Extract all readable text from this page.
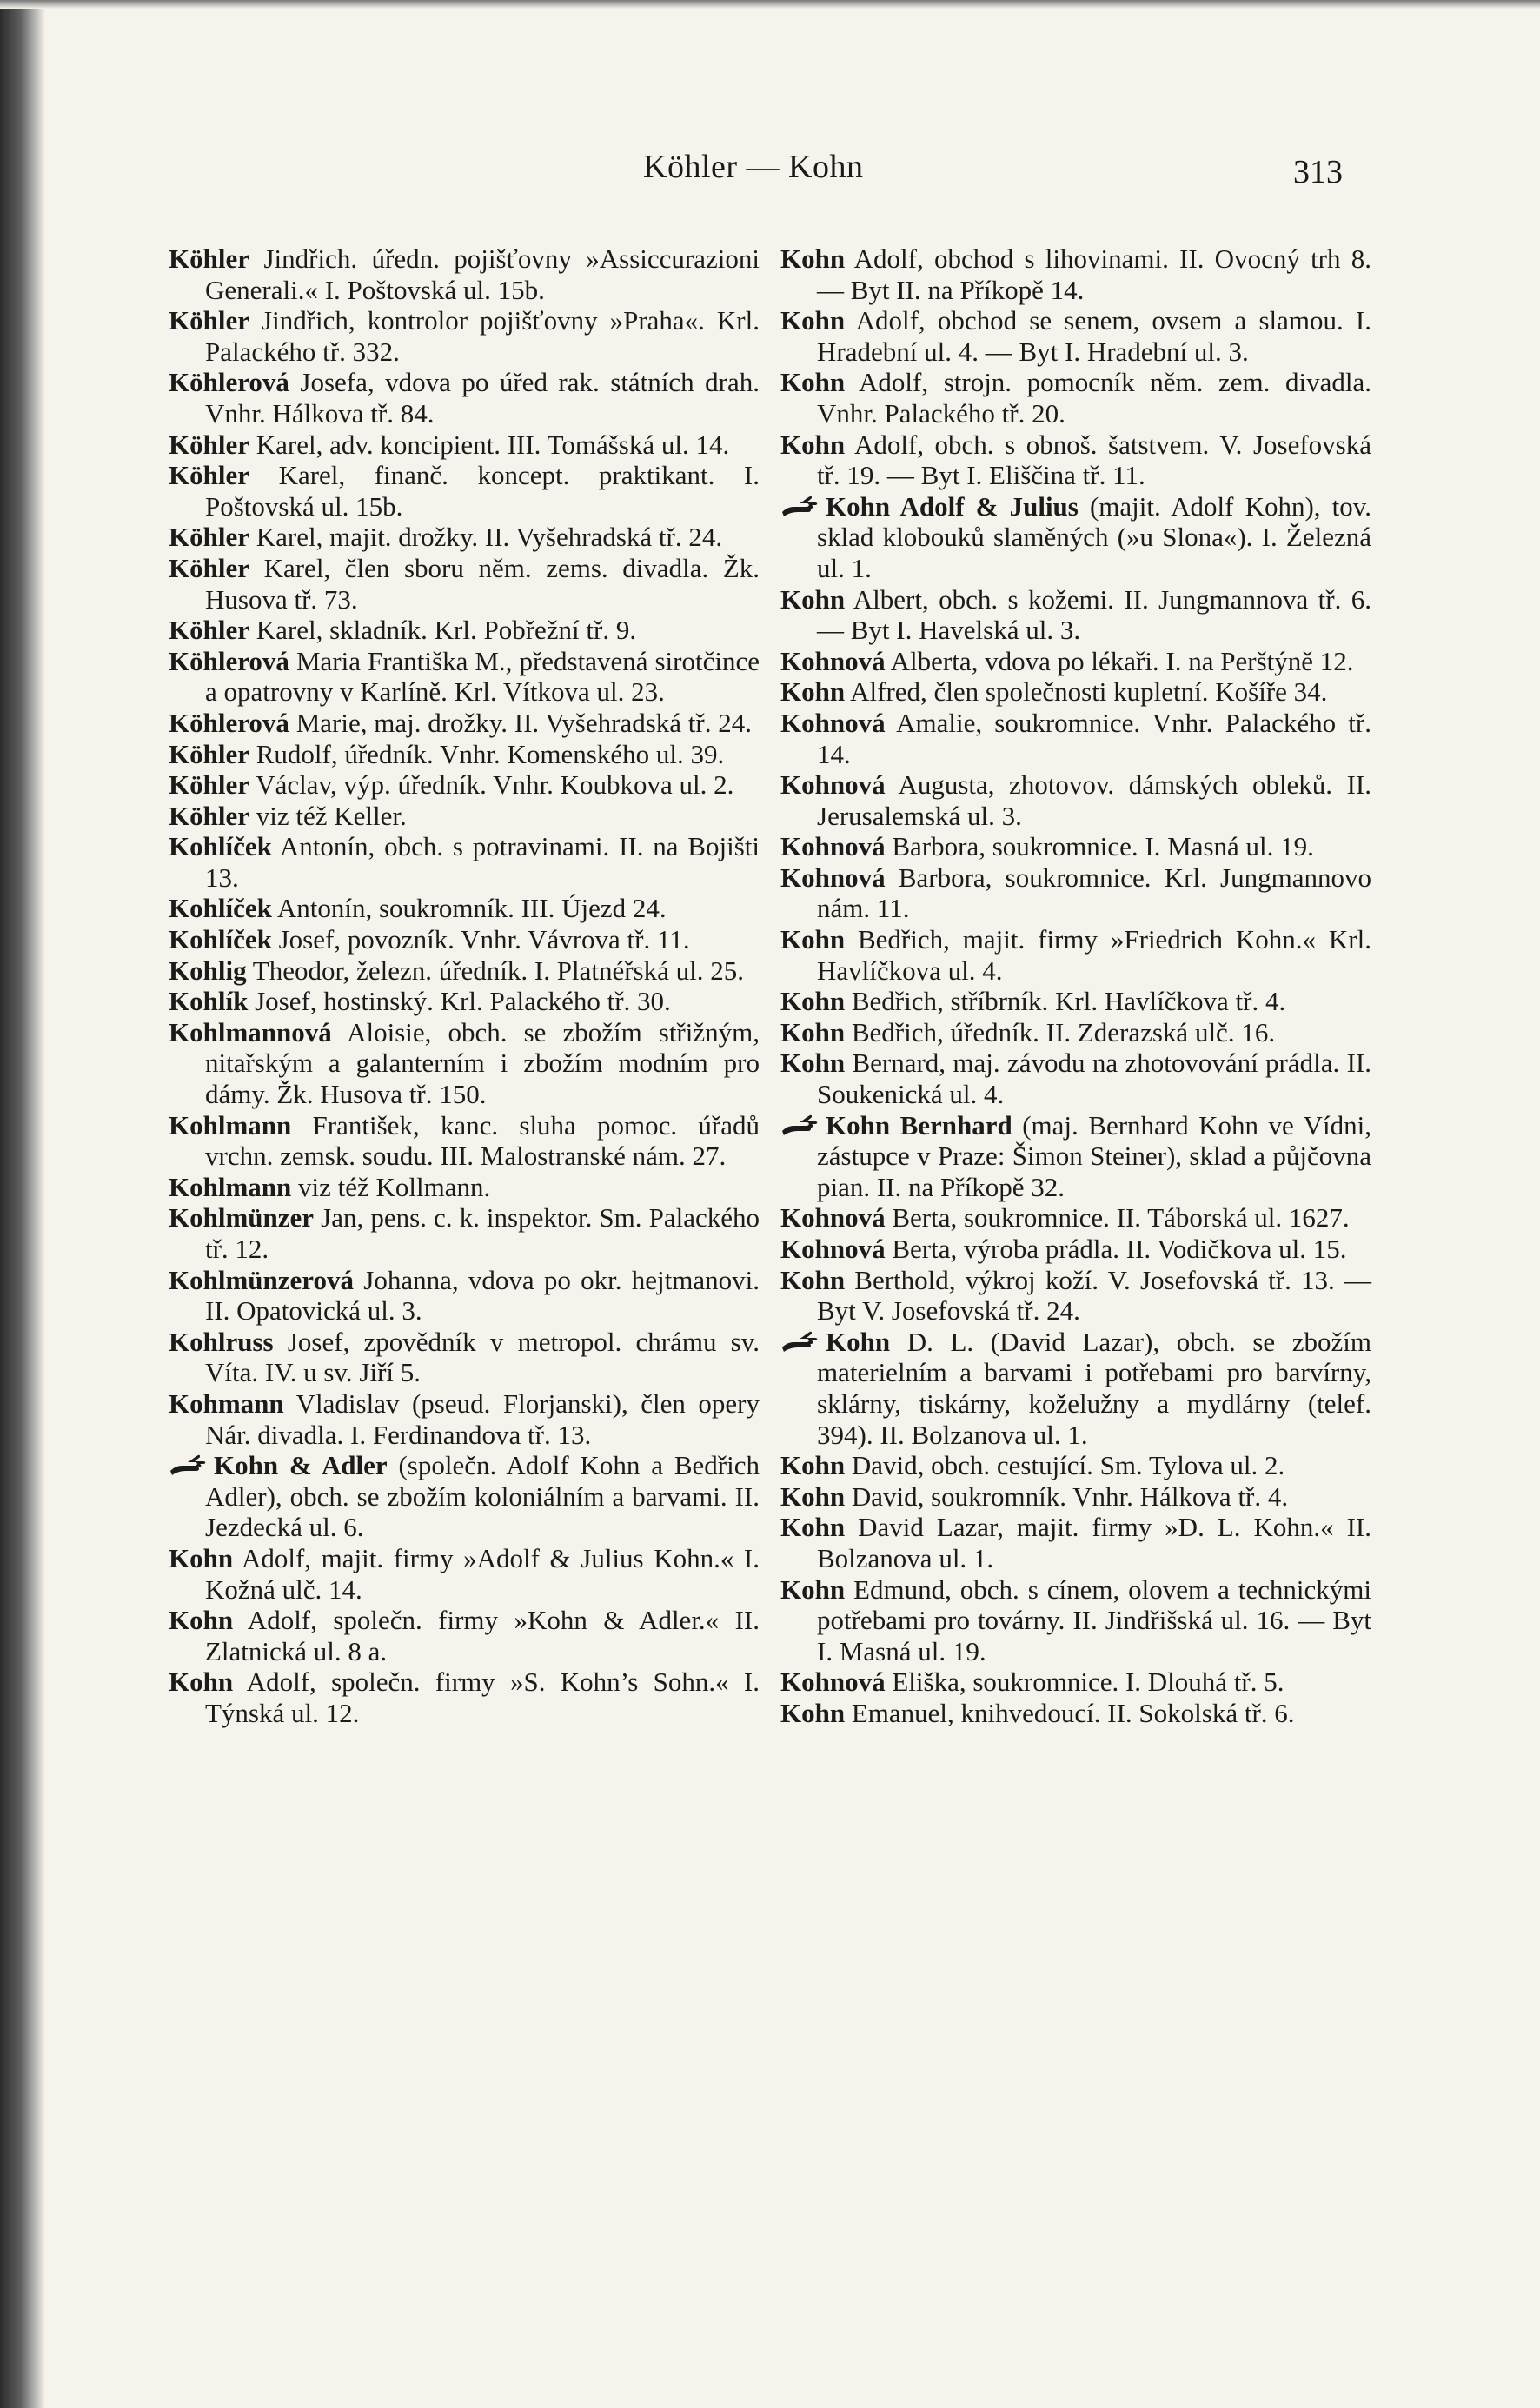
Köhler — Kohn	313
Köhler Jindřich. úředn. pojišťovny »Assiccurazioni Generali.« I. Poštovská ul. 15b.
Köhler Jindřich, kontrolor pojišťovny »Praha«. Krl. Palackého tř. 332.
Köhlerová Josefa, vdova po úřed rak. státních drah. Vnhr. Hálkova tř. 84.
Köhler Karel, adv. koncipient. III. Tomášská ul. 14.
Köhler Karel, finanč. koncept. praktikant. I. Poštovská ul. 15b.
Köhler Karel, majit. drožky. II. Vyšehradská tř. 24.
Köhler Karel, člen sboru něm. zems. divadla. Žk. Husova tř. 73.
Köhler Karel, skladník. Krl. Pobřežní tř. 9.
Köhlerová Maria Františka M., představená sirotčince a opatrovny v Karlíně. Krl. Vítkova ul. 23.
Köhlerová Marie, maj. drožky. II. Vyšehradská tř. 24.
Köhler Rudolf, úředník. Vnhr. Komenského ul. 39.
Köhler Václav, výp. úředník. Vnhr. Koubkova ul. 2.
Köhler viz též Keller.
Kohlíček Antonín, obch. s potravinami. II. na Bojišti 13.
Kohlíček Antonín, soukromník. III. Újezd 24.
Kohlíček Josef, povozník. Vnhr. Vávrova tř. 11.
Kohlig Theodor, železn. úředník. I. Platnéřská ul. 25.
Kohlík Josef, hostinský. Krl. Palackého tř. 30.
Kohlmannová Aloisie, obch. se zbožím střižným, nitařským a galanterním i zbožím modním pro dámy. Žk. Husova tř. 150.
Kohlmann František, kanc. sluha pomoc. úřadů vrchn. zemsk. soudu. III. Malostranské nám. 27.
Kohlmann viz též Kollmann.
Kohlmünzer Jan, pens. c. k. inspektor. Sm. Palackého tř. 12.
Kohlmünzerová Johanna, vdova po okr. hejtmanovi. II. Opatovická ul. 3.
Kohlruss Josef, zpovědník v metropol. chrámu sv. Víta. IV. u sv. Jiří 5.
Kohmann Vladislav (pseud. Florjanski), člen opery Nár. divadla. I. Ferdinandova tř. 13.
Kohn & Adler (společn. Adolf Kohn a Bedřich Adler), obch. se zbožím koloniálním a barvami. II. Jezdecká ul. 6.
Kohn Adolf, majit. firmy »Adolf & Julius Kohn.« I. Kožná ulč. 14.
Kohn Adolf, společn. firmy »Kohn & Adler.« II. Zlatnická ul. 8 a.
Kohn Adolf, společn. firmy »S. Kohn’s Sohn.« I. Týnská ul. 12.
Kohn Adolf, obchod s lihovinami. II. Ovocný trh 8. — Byt II. na Příkopě 14.
Kohn Adolf, obchod se senem, ovsem a slamou. I. Hradební ul. 4. — Byt I. Hradební ul. 3.
Kohn Adolf, strojn. pomocník něm. zem. divadla. Vnhr. Palackého tř. 20.
Kohn Adolf, obch. s obnoš. šatstvem. V. Josefovská tř. 19. — Byt I. Eliščina tř. 11.
Kohn Adolf & Julius (majit. Adolf Kohn), tov. sklad klobouků slaměných (»u Slona«). I. Železná ul. 1.
Kohn Albert, obch. s kožemi. II. Jungmannova tř. 6. — Byt I. Havelská ul. 3.
Kohnová Alberta, vdova po lékaři. I. na Perštýně 12.
Kohn Alfred, člen společnosti kupletní. Košíře 34.
Kohnová Amalie, soukromnice. Vnhr. Palackého tř. 14.
Kohnová Augusta, zhotovov. dámských obleků. II. Jerusalemská ul. 3.
Kohnová Barbora, soukromnice. I. Masná ul. 19.
Kohnová Barbora, soukromnice. Krl. Jungmannovo nám. 11.
Kohn Bedřich, majit. firmy »Friedrich Kohn.« Krl. Havlíčkova ul. 4.
Kohn Bedřich, stříbrník. Krl. Havlíčkova tř. 4.
Kohn Bedřich, úředník. II. Zderazská ulč. 16.
Kohn Bernard, maj. závodu na zhotovování prádla. II. Soukenická ul. 4.
Kohn Bernhard (maj. Bernhard Kohn ve Vídni, zástupce v Praze: Šimon Steiner), sklad a půjčovna pian. II. na Příkopě 32.
Kohnová Berta, soukromnice. II. Táborská ul. 1627.
Kohnová Berta, výroba prádla. II. Vodičkova ul. 15.
Kohn Berthold, výkroj koží. V. Josefovská tř. 13. — Byt V. Josefovská tř. 24.
Kohn D. L. (David Lazar), obch. se zbožím materielním a barvami i potřebami pro barvírny, sklárny, tiskárny, koželužny a mydlárny (telef. 394). II. Bolzanova ul. 1.
Kohn David, obch. cestující. Sm. Tylova ul. 2.
Kohn David, soukromník. Vnhr. Hálkova tř. 4.
Kohn David Lazar, majit. firmy »D. L. Kohn.« II. Bolzanova ul. 1.
Kohn Edmund, obch. s cínem, olovem a technickými potřebami pro továrny. II. Jindřišská ul. 16. — Byt I. Masná ul. 19.
Kohnová Eliška, soukromnice. I. Dlouhá tř. 5.
Kohn Emanuel, knihvedoucí. II. Sokolská tř. 6.
